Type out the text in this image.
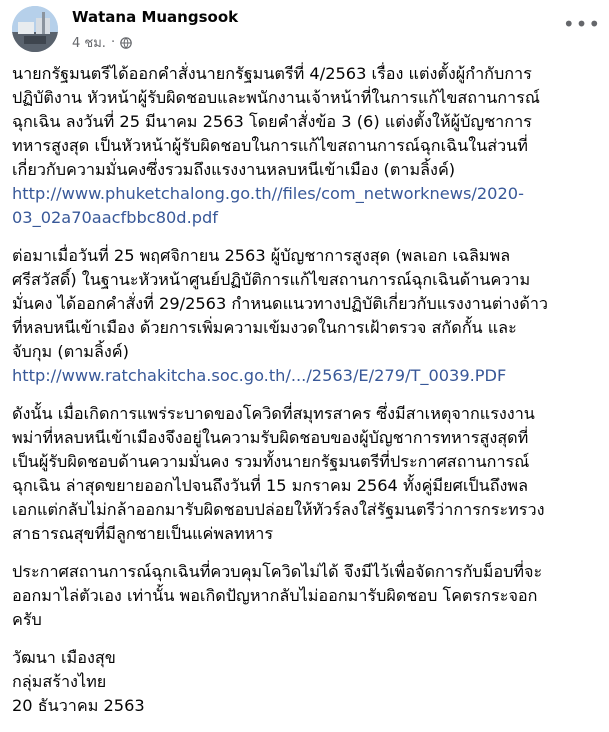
Watana Muangsook
4 ชม. ·
•••
นายกรัฐมนตรีได้ออกคำสั่งนายกรัฐมนตรีที่ 4/2563 เรื่อง แต่งตั้งผู้กำกับการ
ปฏิบัติงาน หัวหน้าผู้รับผิดชอบและพนักงานเจ้าหน้าที่ในการแก้ไขสถานการณ์
ฉุกเฉิน ลงวันที่ 25 มีนาคม 2563 โดยคำสั่งข้อ 3 (6) แต่งตั้งให้ผู้บัญชาการ
ทหารสูงสุด เป็นหัวหน้าผู้รับผิดชอบในการแก้ไขสถานการณ์ฉุกเฉินในส่วนที่
เกี่ยวกับความมั่นคงซึ่งรวมถึงแรงงานหลบหนีเข้าเมือง (ตามลิ้งค์)
http://www.phuketchalong.go.th//files/com_networknews/2020-
03_02a70aacfbbc80d.pdf
ต่อมาเมื่อวันที่ 25 พฤศจิกายน 2563 ผู้บัญชาการสูงสุด (พลเอก เฉลิมพล
ศรีสวัสดิ์) ในฐานะหัวหน้าศูนย์ปฏิบัติการแก้ไขสถานการณ์ฉุกเฉินด้านความ
มั่นคง ได้ออกคำสั่งที่ 29/2563 กำหนดแนวทางปฏิบัติเกี่ยวกับแรงงานต่างด้าว
ที่หลบหนีเข้าเมือง ด้วยการเพิ่มความเข้มงวดในการเฝ้าตรวจ สกัดกั้น และ
จับกุม (ตามลิ้งค์)
http://www.ratchakitcha.soc.go.th/.../2563/E/279/T_0039.PDF
ดังนั้น เมื่อเกิดการแพร่ระบาดของโควิดที่สมุทรสาคร ซึ่งมีสาเหตุจากแรงงาน
พม่าที่หลบหนีเข้าเมืองจึงอยู่ในความรับผิดชอบของผู้บัญชาการทหารสูงสุดที่
เป็นผู้รับผิดชอบด้านความมั่นคง รวมทั้งนายกรัฐมนตรีที่ประกาศสถานการณ์
ฉุกเฉิน ล่าสุดขยายออกไปจนถึงวันที่ 15 มกราคม 2564 ทั้งคู่มียศเป็นถึงพล
เอกแต่กลับไม่กล้าออกมารับผิดชอบปล่อยให้ทัวร์ลงใส่รัฐมนตรีว่าการกระทรวง
สาธารณสุขที่มีลูกชายเป็นแค่พลทหาร
ประกาศสถานการณ์ฉุกเฉินที่ควบคุมโควิดไม่ได้ จึงมีไว้เพื่อจัดการกับม็อบที่จะ
ออกมาไล่ตัวเอง เท่านั้น พอเกิดปัญหากลับไม่ออกมารับผิดชอบ โคตรกระจอก
ครับ
วัฒนา เมืองสุข
กลุ่มสร้างไทย
20 ธันวาคม 2563
